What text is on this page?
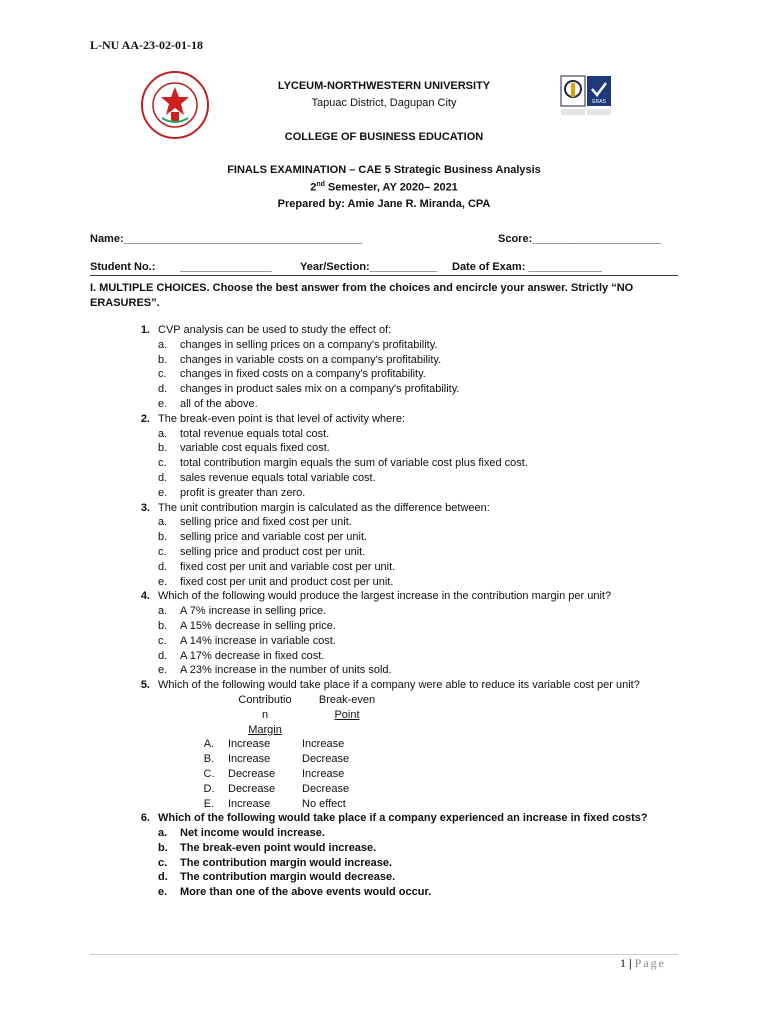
L-NU AA-23-02-01-18
ERAS
LYCEUM-NORTHWESTERN UNIVERSITY
Tapuac District, Dagupan City
COLLEGE OF BUSINESS EDUCATION
FINALS EXAMINATION – CAE 5 Strategic Business Analysis
2nd Semester, AY 2020– 2021
Prepared by: Amie Jane R. Miranda, CPA
Name:_______________________________________	Score:_____________________
Student No.: _______________	Year/Section:___________ Date of Exam: ____________
I. MULTIPLE CHOICES. Choose the best answer from the choices and encircle your answer. Strictly “NO ERASURES”.
1. CVP analysis can be used to study the effect of:
a.	changes in selling prices on a company's profitability.
b.	changes in variable costs on a company's profitability.
c.	changes in fixed costs on a company's profitability.
d.	changes in product sales mix on a company's profitability.
e.	all of the above.
2. The break-even point is that level of activity where:
a.	total revenue equals total cost.
b.	variable cost equals fixed cost.
c.	total contribution margin equals the sum of variable cost plus fixed cost.
d.	sales revenue equals total variable cost.
e.	profit is greater than zero.
3. The unit contribution margin is calculated as the difference between:
a.	selling price and fixed cost per unit.
b.	selling price and variable cost per unit.
c.	selling price and product cost per unit.
d.	fixed cost per unit and variable cost per unit.
e.	fixed cost per unit and product cost per unit.
4. Which of the following would produce the largest increase in the contribution margin per unit?
a.	A 7% increase in selling price.
b.	A 15% decrease in selling price.
c.	A 14% increase in variable cost.
d.	A 17% decrease in fixed cost.
e.	A 23% increase in the number of units sold.
5. Which of the following would take place if a company were able to reduce its variable cost per unit?
	Contributio	Break-even
	n	Point
	Margin	
A.	Increase	Increase
B.	Increase	Decrease
C.	Decrease	Increase
D.	Decrease	Decrease
E.	Increase	No effect
6. Which of the following would take place if a company experienced an increase in fixed costs?
a.	Net income would increase.
b.	The break-even point would increase.
c.	The contribution margin would increase.
d.	The contribution margin would decrease.
e.	More than one of the above events would occur.
1 | Page
